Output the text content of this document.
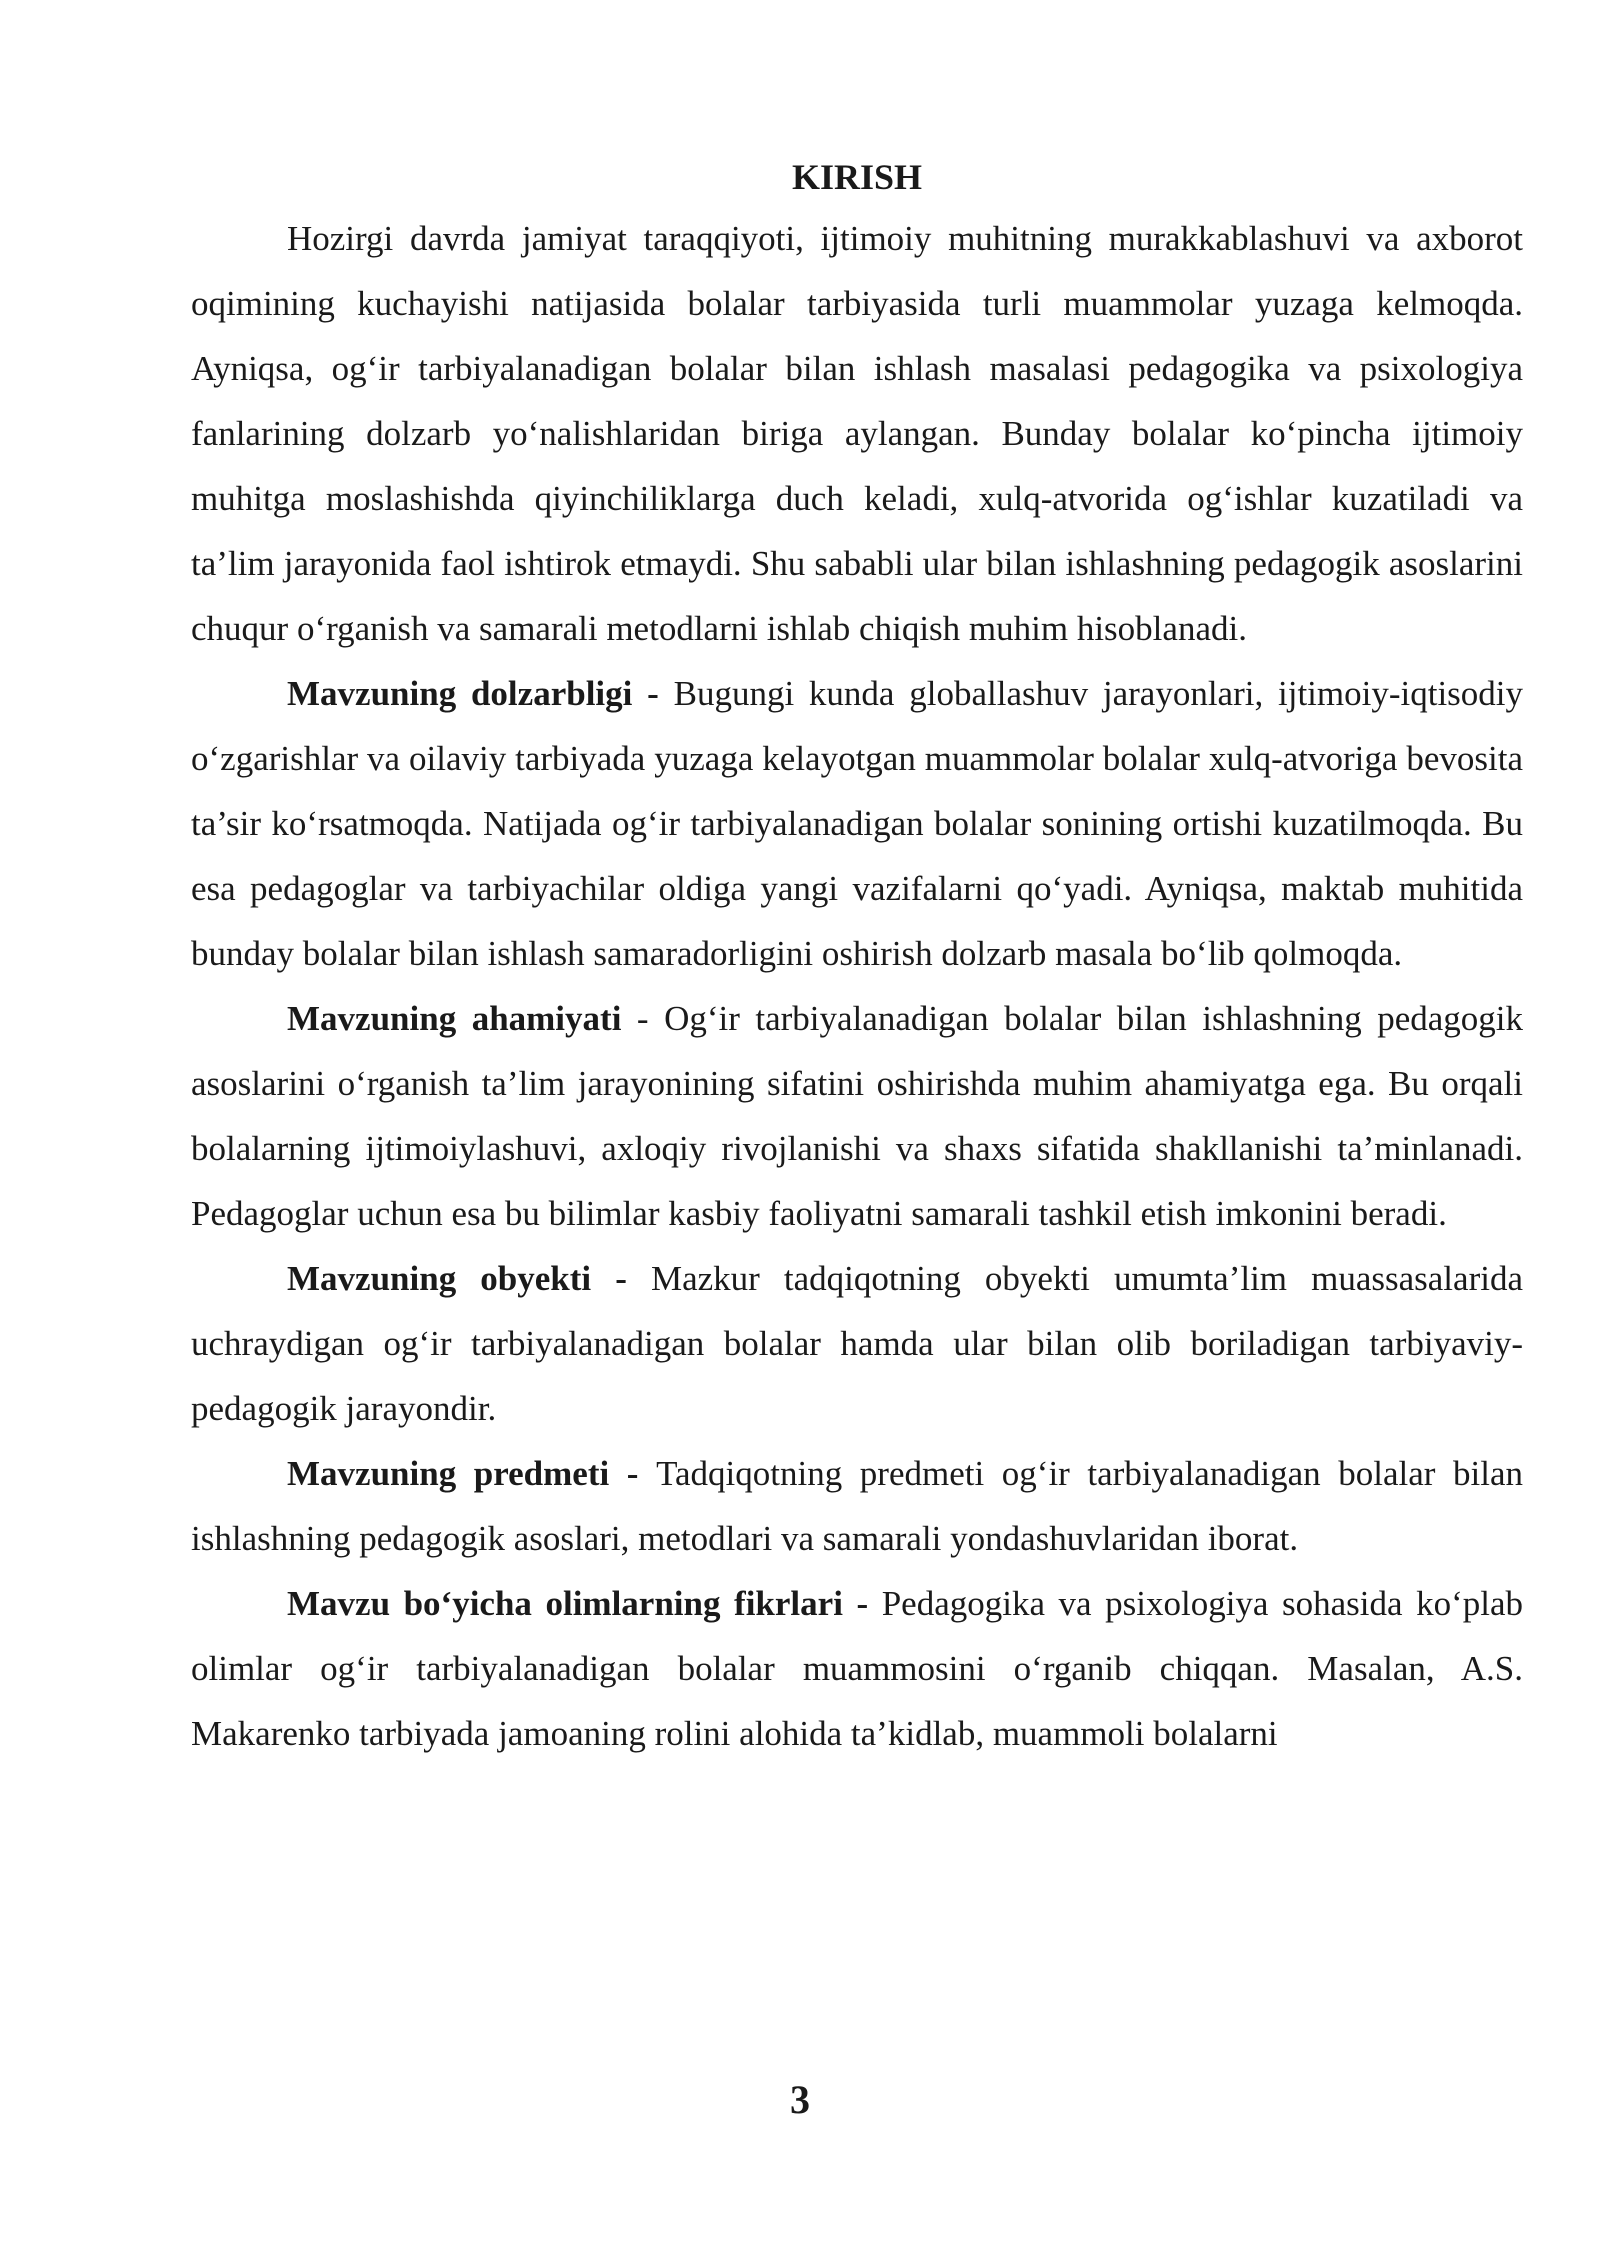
KIRISH

Hozirgi davrda jamiyat taraqqiyoti, ijtimoiy muhitning murakkablashuvi va axborot oqimining kuchayishi natijasida bolalar tarbiyasida turli muammolar yuzaga kelmoqda. Ayniqsa, og‘ir tarbiyalanadigan bolalar bilan ishlash masalasi pedagogika va psixologiya fanlarining dolzarb yo‘nalishlaridan biriga aylangan. Bunday bolalar ko‘pincha ijtimoiy muhitga moslashishda qiyinchiliklarga duch keladi, xulq-atvorida og‘ishlar kuzatiladi va ta’lim jarayonida faol ishtirok etmaydi. Shu sababli ular bilan ishlashning pedagogik asoslarini chuqur o‘rganish va samarali metodlarni ishlab chiqish muhim hisoblanadi.

Mavzuning dolzarbligi - Bugungi kunda globallashuv jarayonlari, ijtimoiy-iqtisodiy o‘zgarishlar va oilaviy tarbiyada yuzaga kelayotgan muammolar bolalar xulq-atvoriga bevosita ta’sir ko‘rsatmoqda. Natijada og‘ir tarbiyalanadigan bolalar sonining ortishi kuzatilmoqda. Bu esa pedagoglar va tarbiyachilar oldiga yangi vazifalarni qo‘yadi. Ayniqsa, maktab muhitida bunday bolalar bilan ishlash samaradorligini oshirish dolzarb masala bo‘lib qolmoqda.

Mavzuning ahamiyati - Og‘ir tarbiyalanadigan bolalar bilan ishlashning pedagogik asoslarini o‘rganish ta’lim jarayonining sifatini oshirishda muhim ahamiyatga ega. Bu orqali bolalarning ijtimoiylashuvi, axloqiy rivojlanishi va shaxs sifatida shakllanishi ta’minlanadi. Pedagoglar uchun esa bu bilimlar kasbiy faoliyatni samarali tashkil etish imkonini beradi.

Mavzuning obyekti - Mazkur tadqiqotning obyekti umumta’lim muassasalarida uchraydigan og‘ir tarbiyalanadigan bolalar hamda ular bilan olib boriladigan tarbiyaviy-pedagogik jarayondir.

Mavzuning predmeti - Tadqiqotning predmeti og‘ir tarbiyalanadigan bolalar bilan ishlashning pedagogik asoslari, metodlari va samarali yondashuvlaridan iborat.

Mavzu bo‘yicha olimlarning fikrlari - Pedagogika va psixologiya sohasida ko‘plab olimlar og‘ir tarbiyalanadigan bolalar muammosini o‘rganib chiqqan. Masalan, A.S. Makarenko tarbiyada jamoaning rolini alohida ta’kidlab, muammoli bolalarni

3
